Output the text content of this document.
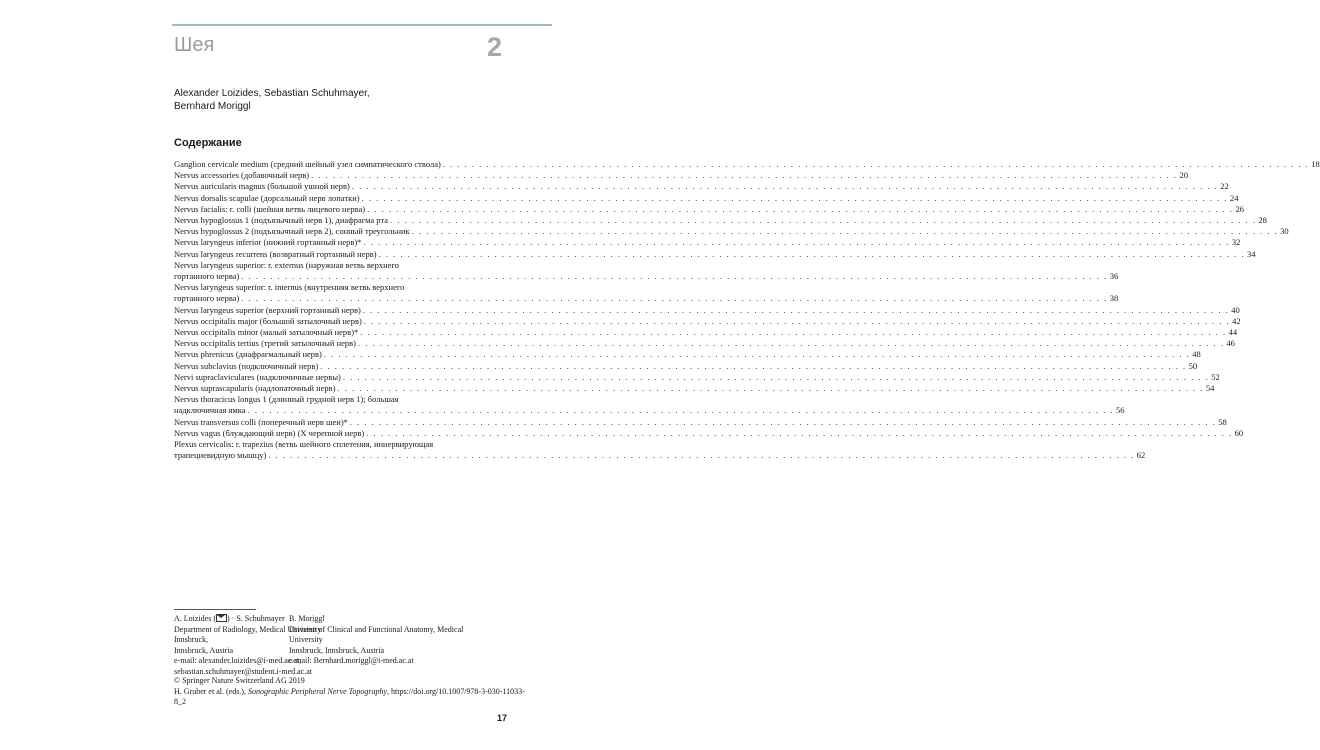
Шея	2
Alexander Loizides, Sebastian Schuhmayer,
Bernhard Moriggl
Содержание
Ganglion cervicale medium (средний шейный узел симпатического ствола) . . . . . . . . . . . . . . . . . . . . . . . . . . . . . . . . . . . . . . . . . . . . . . . . . . . . . . . . . . . . . . . . . . . . . . . . . . . . . . . . . . . . . . . . . . . . . . . . . . . . . . . . . . . . . . . . . . . . . . . . 18
Nervus accessories (добавочный нерв) . . . . . . . . . . . . . . . . . . . . . . . . . . . . . . . . . . . . . . . . . . . . . . . . . . . . . . . . . . . . . . . . . . . . . . . . . . . . . . . . . . . . . . . . . . . . . . . . . . . . . . . . . . . . . . . . . . . . . . . . 20
Nervus auricularis magnus (большой ушной нерв) . . . . . . . . . . . . . . . . . . . . . . . . . . . . . . . . . . . . . . . . . . . . . . . . . . . . . . . . . . . . . . . . . . . . . . . . . . . . . . . . . . . . . . . . . . . . . . . . . . . . . . . . . . . . . . . . . . . . . . . . 22
Nervus dorsalis scapulae (дорсальный нерв лопатки) . . . . . . . . . . . . . . . . . . . . . . . . . . . . . . . . . . . . . . . . . . . . . . . . . . . . . . . . . . . . . . . . . . . . . . . . . . . . . . . . . . . . . . . . . . . . . . . . . . . . . . . . . . . . . . . . . . . . . . . . 24
Nervus facialis: r. colli (шейная ветвь лицевого нерва) . . . . . . . . . . . . . . . . . . . . . . . . . . . . . . . . . . . . . . . . . . . . . . . . . . . . . . . . . . . . . . . . . . . . . . . . . . . . . . . . . . . . . . . . . . . . . . . . . . . . . . . . . . . . . . . . . . . . . . . . 26
Nervus hypoglossus 1 (подъязычный нерв 1), диафрагма рта . . . . . . . . . . . . . . . . . . . . . . . . . . . . . . . . . . . . . . . . . . . . . . . . . . . . . . . . . . . . . . . . . . . . . . . . . . . . . . . . . . . . . . . . . . . . . . . . . . . . . . . . . . . . . . . . . . . . . . . . 28
Nervus hypoglossus 2 (подъязычный нерв 2), сонный треугольник . . . . . . . . . . . . . . . . . . . . . . . . . . . . . . . . . . . . . . . . . . . . . . . . . . . . . . . . . . . . . . . . . . . . . . . . . . . . . . . . . . . . . . . . . . . . . . . . . . . . . . . . . . . . . . . . . . . . . . . . 30
Nervus laryngeus inferior (нижний гортанный нерв)* . . . . . . . . . . . . . . . . . . . . . . . . . . . . . . . . . . . . . . . . . . . . . . . . . . . . . . . . . . . . . . . . . . . . . . . . . . . . . . . . . . . . . . . . . . . . . . . . . . . . . . . . . . . . . . . . . . . . . . . . 32
Nervus laryngeus recurrens (возвратный гортанный нерв) . . . . . . . . . . . . . . . . . . . . . . . . . . . . . . . . . . . . . . . . . . . . . . . . . . . . . . . . . . . . . . . . . . . . . . . . . . . . . . . . . . . . . . . . . . . . . . . . . . . . . . . . . . . . . . . . . . . . . . . . 34
Nervus laryngeus superior: r. externus (наружная ветвь верхнего
гортанного нерва) . . . . . . . . . . . . . . . . . . . . . . . . . . . . . . . . . . . . . . . . . . . . . . . . . . . . . . . . . . . . . . . . . . . . . . . . . . . . . . . . . . . . . . . . . . . . . . . . . . . . . . . . . . . . . . . . . . . . . . . . 36
Nervus laryngeus superior: r. internus (внутренняя ветвь верхнего
гортанного нерва) . . . . . . . . . . . . . . . . . . . . . . . . . . . . . . . . . . . . . . . . . . . . . . . . . . . . . . . . . . . . . . . . . . . . . . . . . . . . . . . . . . . . . . . . . . . . . . . . . . . . . . . . . . . . . . . . . . . . . . . . 38
Nervus laryngeus superior (верхний гортанный нерв) . . . . . . . . . . . . . . . . . . . . . . . . . . . . . . . . . . . . . . . . . . . . . . . . . . . . . . . . . . . . . . . . . . . . . . . . . . . . . . . . . . . . . . . . . . . . . . . . . . . . . . . . . . . . . . . . . . . . . . . . 40
Nervus occipitalis major (большой затылочный нерв) . . . . . . . . . . . . . . . . . . . . . . . . . . . . . . . . . . . . . . . . . . . . . . . . . . . . . . . . . . . . . . . . . . . . . . . . . . . . . . . . . . . . . . . . . . . . . . . . . . . . . . . . . . . . . . . . . . . . . . . . 42
Nervus occipitalis minor (малый затылочный нерв)* . . . . . . . . . . . . . . . . . . . . . . . . . . . . . . . . . . . . . . . . . . . . . . . . . . . . . . . . . . . . . . . . . . . . . . . . . . . . . . . . . . . . . . . . . . . . . . . . . . . . . . . . . . . . . . . . . . . . . . . . 44
Nervus occipitalis tertius (третий затылочный нерв) . . . . . . . . . . . . . . . . . . . . . . . . . . . . . . . . . . . . . . . . . . . . . . . . . . . . . . . . . . . . . . . . . . . . . . . . . . . . . . . . . . . . . . . . . . . . . . . . . . . . . . . . . . . . . . . . . . . . . . . . 46
Nervus phrenicus (диафрагмальный нерв) . . . . . . . . . . . . . . . . . . . . . . . . . . . . . . . . . . . . . . . . . . . . . . . . . . . . . . . . . . . . . . . . . . . . . . . . . . . . . . . . . . . . . . . . . . . . . . . . . . . . . . . . . . . . . . . . . . . . . . . . 48
Nervus subclavius (подключичный нерв) . . . . . . . . . . . . . . . . . . . . . . . . . . . . . . . . . . . . . . . . . . . . . . . . . . . . . . . . . . . . . . . . . . . . . . . . . . . . . . . . . . . . . . . . . . . . . . . . . . . . . . . . . . . . . . . . . . . . . . . . 50
Nervi supraclaviculares (надключичные нервы) . . . . . . . . . . . . . . . . . . . . . . . . . . . . . . . . . . . . . . . . . . . . . . . . . . . . . . . . . . . . . . . . . . . . . . . . . . . . . . . . . . . . . . . . . . . . . . . . . . . . . . . . . . . . . . . . . . . . . . . . 52
Nervus suprascapularis (надлопаточный нерв) . . . . . . . . . . . . . . . . . . . . . . . . . . . . . . . . . . . . . . . . . . . . . . . . . . . . . . . . . . . . . . . . . . . . . . . . . . . . . . . . . . . . . . . . . . . . . . . . . . . . . . . . . . . . . . . . . . . . . . . . 54
Nervus thoracicus longus 1 (длинный грудной нерв 1); большая
надключичная ямка . . . . . . . . . . . . . . . . . . . . . . . . . . . . . . . . . . . . . . . . . . . . . . . . . . . . . . . . . . . . . . . . . . . . . . . . . . . . . . . . . . . . . . . . . . . . . . . . . . . . . . . . . . . . . . . . . . . . . . . . 56
Nervus transversus colli (поперечный нерв шеи)* . . . . . . . . . . . . . . . . . . . . . . . . . . . . . . . . . . . . . . . . . . . . . . . . . . . . . . . . . . . . . . . . . . . . . . . . . . . . . . . . . . . . . . . . . . . . . . . . . . . . . . . . . . . . . . . . . . . . . . . . 58
Nervus vagus (блуждающий нерв) (X черепной нерв) . . . . . . . . . . . . . . . . . . . . . . . . . . . . . . . . . . . . . . . . . . . . . . . . . . . . . . . . . . . . . . . . . . . . . . . . . . . . . . . . . . . . . . . . . . . . . . . . . . . . . . . . . . . . . . . . . . . . . . . . 60
Plexus cervicalis: r. trapezius (ветвь шейного сплетения, иннервирующая
трапециевидную мышцу) . . . . . . . . . . . . . . . . . . . . . . . . . . . . . . . . . . . . . . . . . . . . . . . . . . . . . . . . . . . . . . . . . . . . . . . . . . . . . . . . . . . . . . . . . . . . . . . . . . . . . . . . . . . . . . . . . . . . . . . . 62
A. Loizides ( ) · S. Schuhmayer
Department of Radiology, Medical University Innsbruck,
Innsbruck, Austria
e-mail: alexander.loizides@i-med.ac.at;
sebastian.schuhmayer@student.i-med.ac.at
B. Moriggl
Division of Clinical and Functional Anatomy, Medical
University
Innsbruck, Innsbruck, Austria
e-mail: Bernhard.moriggl@i-med.ac.at
© Springer Nature Switzerland AG 2019
H. Gruber et al. (eds.), Sonographic Peripheral Nerve Topography, https://doi.org/10.1007/978-3-030-11033-8_2
17
